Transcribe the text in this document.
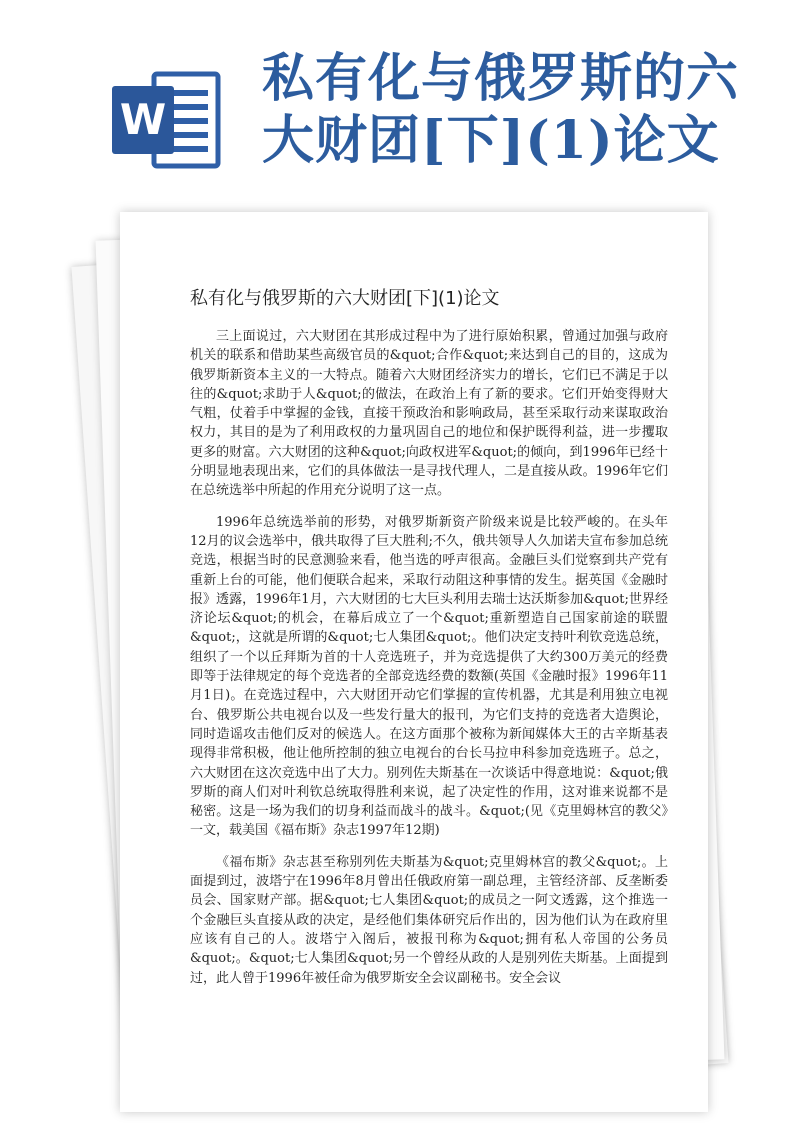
W
私有化与俄罗斯的六大财团[下](1)论文
私有化与俄罗斯的六大财团[下](1)论文

三上面说过，六大财团在其形成过程中为了进行原始积累，曾通过加强与政府机关的联系和借助某些高级官员的&quot;合作&quot;来达到自己的目的，这成为俄罗斯新资本主义的一大特点。随着六大财团经济实力的增长，它们已不满足于以往的&quot;求助于人&quot;的做法，在政治上有了新的要求。它们开始变得财大气粗，仗着手中掌握的金钱，直接干预政治和影响政局，甚至采取行动来谋取政治权力，其目的是为了利用政权的力量巩固自己的地位和保护既得利益，进一步攫取更多的财富。六大财团的这种&quot;向政权进军&quot;的倾向，到1996年已经十分明显地表现出来，它们的具体做法一是寻找代理人，二是直接从政。1996年它们在总统选举中所起的作用充分说明了这一点。

1996年总统选举前的形势，对俄罗斯新资产阶级来说是比较严峻的。在头年12月的议会选举中，俄共取得了巨大胜利;不久，俄共领导人久加诺夫宣布参加总统竞选，根据当时的民意测验来看，他当选的呼声很高。金融巨头们觉察到共产党有重新上台的可能，他们便联合起来，采取行动阻这种事情的发生。据英国《金融时报》透露，1996年1月，六大财团的七大巨头利用去瑞士达沃斯参加&quot;世界经济论坛&quot;的机会，在幕后成立了一个&quot;重新塑造自己国家前途的联盟&quot;，这就是所谓的&quot;七人集团&quot;。他们决定支持叶利钦竞选总统，组织了一个以丘拜斯为首的十人竞选班子，并为竞选提供了大约300万美元的经费即等于法律规定的每个竞选者的全部竞选经费的数额(英国《金融时报》1996年11月1日)。在竞选过程中，六大财团开动它们掌握的宣传机器，尤其是利用独立电视台、俄罗斯公共电视台以及一些发行量大的报刊，为它们支持的竞选者大造舆论，同时造谣攻击他们反对的候选人。在这方面那个被称为新闻媒体大王的古辛斯基表现得非常积极，他让他所控制的独立电视台的台长马拉申科参加竞选班子。总之，六大财团在这次竞选中出了大力。别列佐夫斯基在一次谈话中得意地说：&quot;俄罗斯的商人们对叶利钦总统取得胜利来说，起了决定性的作用，这对谁来说都不是秘密。这是一场为我们的切身利益而战斗的战斗。&quot;(见《克里姆林宫的教父》一文，载美国《福布斯》杂志1997年12期)

《福布斯》杂志甚至称别列佐夫斯基为&quot;克里姆林宫的教父&quot;。上面提到过，波塔宁在1996年8月曾出任俄政府第一副总理，主管经济部、反垄断委员会、国家财产部。据&quot;七人集团&quot;的成员之一阿文透露，这个推选一个金融巨头直接从政的决定，是经他们集体研究后作出的，因为他们认为在政府里应该有自己的人。波塔宁入阁后，被报刊称为&quot;拥有私人帝国的公务员&quot;。&quot;七人集团&quot;另一个曾经从政的人是别列佐夫斯基。上面提到过，此人曾于1996年被任命为俄罗斯安全会议副秘书。安全会议
